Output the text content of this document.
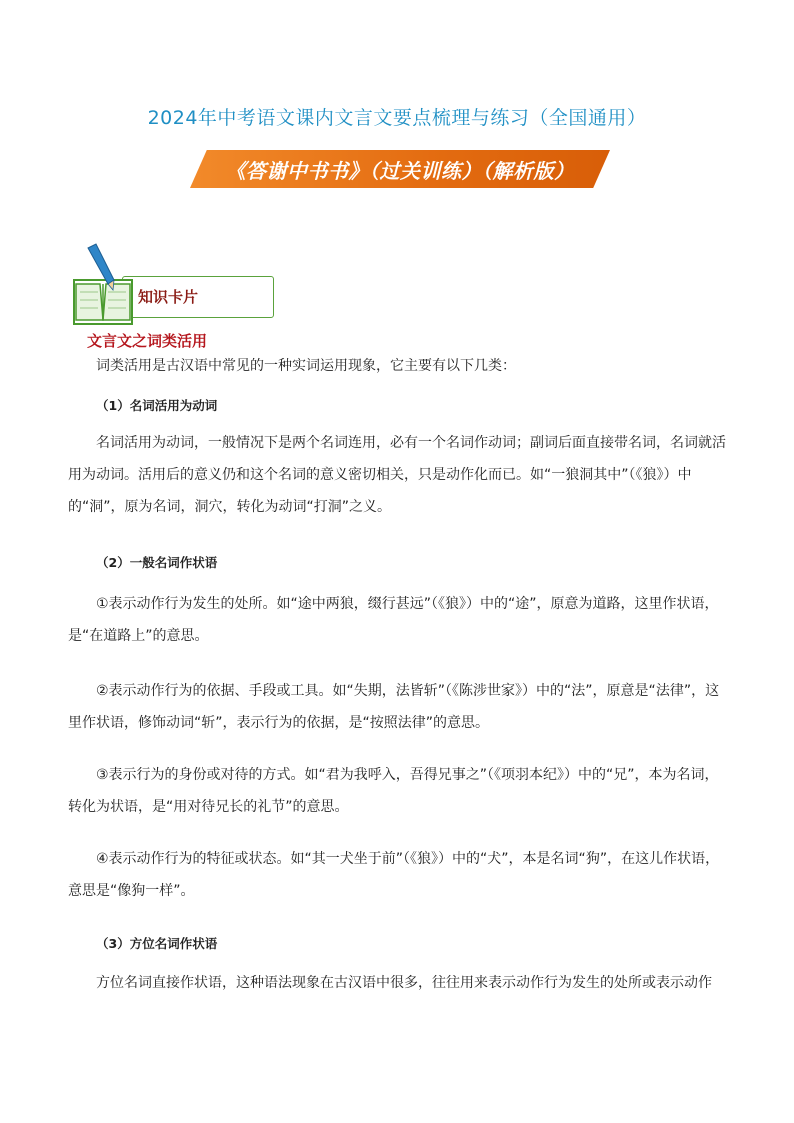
2024年中考语文课内文言文要点梳理与练习（全国通用）
《答谢中书书》（过关训练）（解析版）
知识卡片
文言文之词类活用

词类活用是古汉语中常见的一种实词运用现象，它主要有以下几类：

（1）名词活用为动词

名词活用为动词，一般情况下是两个名词连用，必有一个名词作动词；副词后面直接带名词，名词就活用为动词。活用后的意义仍和这个名词的意义密切相关，只是动作化而已。如“一狼洞其中”（《狼》）中的“洞”，原为名词，洞穴，转化为动词“打洞”之义。

（2）一般名词作状语

①表示动作行为发生的处所。如“途中两狼，缀行甚远”（《狼》）中的“途”，原意为道路，这里作状语，是“在道路上”的意思。

②表示动作行为的依据、手段或工具。如“失期，法皆斩”（《陈涉世家》）中的“法”，原意是“法律”，这里作状语，修饰动词“斩”，表示行为的依据，是“按照法律”的意思。

③表示行为的身份或对待的方式。如“君为我呼入，吾得兄事之”（《项羽本纪》）中的“兄”，本为名词，转化为状语，是“用对待兄长的礼节”的意思。

④表示动作行为的特征或状态。如“其一犬坐于前”（《狼》）中的“犬”，本是名词“狗”，在这儿作状语，意思是“像狗一样”。

（3）方位名词作状语

方位名词直接作状语，这种语法现象在古汉语中很多，往往用来表示动作行为发生的处所或表示动作
